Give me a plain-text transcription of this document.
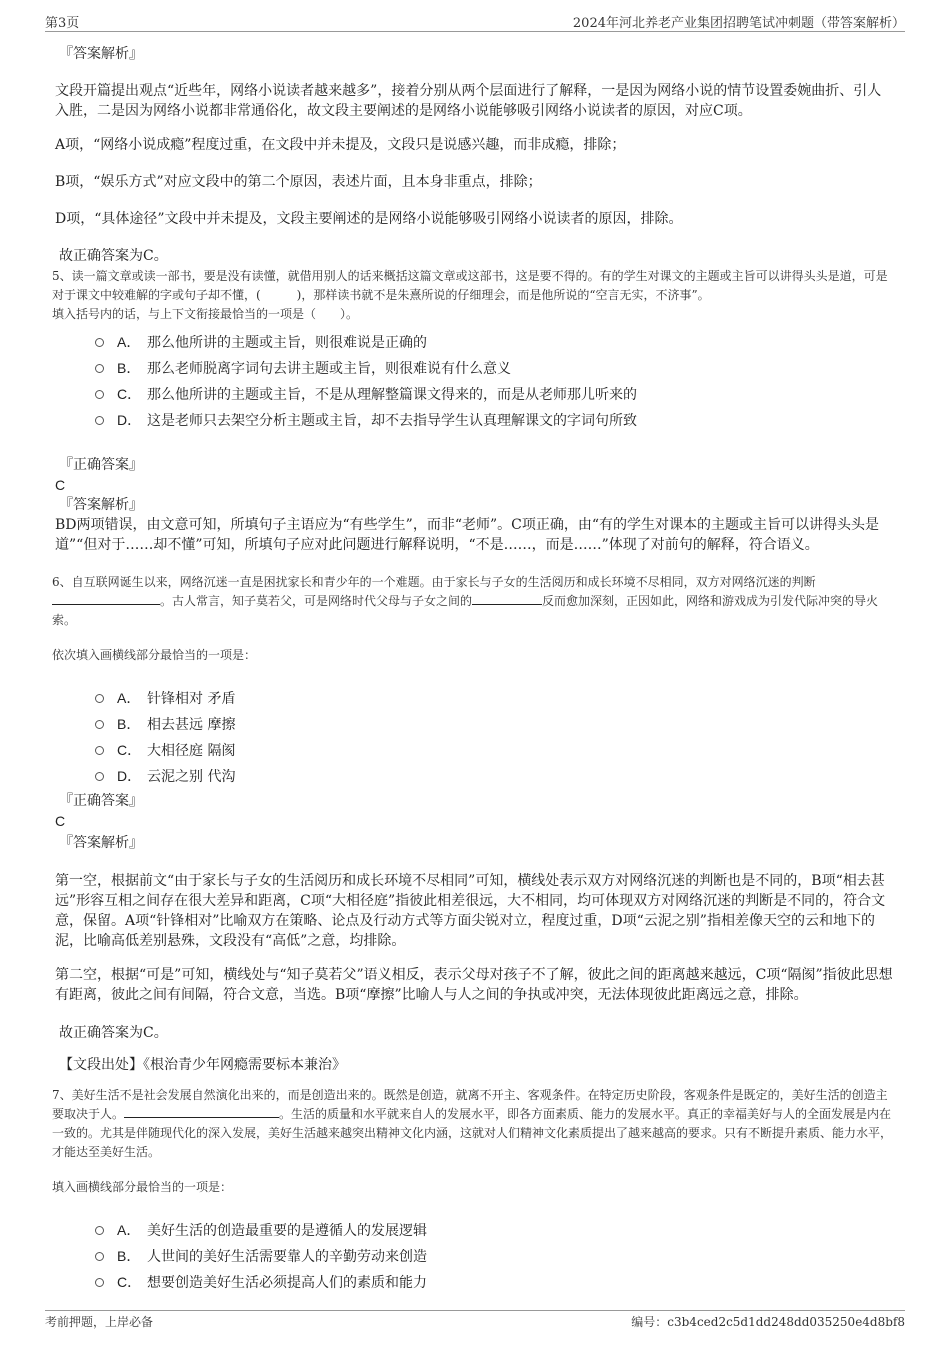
第3页	2024年河北养老产业集团招聘笔试冲刺题（带答案解析）

『答案解析』

文段开篇提出观点“近些年，网络小说读者越来越多”，接着分别从两个层面进行了解释，一是因为网络小说的情节设置委婉曲折、引人入胜，二是因为网络小说都非常通俗化，故文段主要阐述的是网络小说能够吸引网络小说读者的原因，对应C项。

A项，“网络小说成瘾”程度过重，在文段中并未提及，文段只是说感兴趣，而非成瘾，排除；

B项，“娱乐方式”对应文段中的第二个原因，表述片面，且本身非重点，排除；

D项，“具体途径”文段中并未提及，文段主要阐述的是网络小说能够吸引网络小说读者的原因，排除。

故正确答案为C。

5、读一篇文章或读一部书，要是没有读懂，就借用别人的话来概括这篇文章或这部书，这是要不得的。有的学生对课文的主题或主旨可以讲得头头是道，可是对于课文中较难解的字或句子却不懂，(　　　)，那样读书就不是朱熹所说的仔细理会，而是他所说的“空言无实，不济事”。

填入括号内的话，与上下文衔接最恰当的一项是（　　）。

A． 那么他所讲的主题或主旨，则很难说是正确的
B． 那么老师脱离字词句去讲主题或主旨，则很难说有什么意义
C． 那么他所讲的主题或主旨，不是从理解整篇课文得来的，而是从老师那儿听来的
D． 这是老师只去架空分析主题或主旨，却不去指导学生认真理解课文的字词句所致

『正确答案』

C

『答案解析』

BD两项错误，由文意可知，所填句子主语应为“有些学生”，而非“老师”。C项正确，由“有的学生对课本的主题或主旨可以讲得头头是道”“但对于……却不懂”可知，所填句子应对此问题进行解释说明，“不是……，而是……”体现了对前句的解释，符合语义。

6、自互联网诞生以来，网络沉迷一直是困扰家长和青少年的一个难题。由于家长与子女的生活阅历和成长环境不尽相同，双方对网络沉迷的判断。古人常言，知子莫若父，可是网络时代父母与子女之间的	反而愈加深刻，正因如此，网络和游戏成为引发代际冲突的导火索。

依次填入画横线部分最恰当的一项是：

A． 针锋相对 矛盾
B． 相去甚远 摩擦
C． 大相径庭 隔阂
D． 云泥之别 代沟

『正确答案』

C

『答案解析』

第一空，根据前文“由于家长与子女的生活阅历和成长环境不尽相同”可知，横线处表示双方对网络沉迷的判断也是不同的，B项“相去甚远”形容互相之间存在很大差异和距离，C项“大相径庭”指彼此相差很远，大不相同，均可体现双方对网络沉迷的判断是不同的，符合文意，保留。A项“针锋相对”比喻双方在策略、论点及行动方式等方面尖锐对立，程度过重，D项“云泥之别”指相差像天空的云和地下的泥，比喻高低差别悬殊，文段没有“高低”之意，均排除。

第二空，根据“可是”可知，横线处与“知子莫若父”语义相反，表示父母对孩子不了解，彼此之间的距离越来越远，C项“隔阂”指彼此思想有距离，彼此之间有间隔，符合文意，当选。B项“摩擦”比喻人与人之间的争执或冲突，无法体现彼此距离远之意，排除。

故正确答案为C。

【文段出处】《根治青少年网瘾需要标本兼治》

7、美好生活不是社会发展自然演化出来的，而是创造出来的。既然是创造，就离不开主、客观条件。在特定历史阶段，客观条件是既定的，美好生活的创造主要取决于人。	。生活的质量和水平就来自人的发展水平，即各方面素质、能力的发展水平。真正的幸福美好与人的全面发展是内在一致的。尤其是伴随现代化的深入发展，美好生活越来越突出精神文化内涵，这就对人们精神文化素质提出了越来越高的要求。只有不断提升素质、能力水平，才能达至美好生活。

填入画横线部分最恰当的一项是：

A． 美好生活的创造最重要的是遵循人的发展逻辑
B． 人世间的美好生活需要靠人的辛勤劳动来创造
C． 想要创造美好生活必须提高人们的素质和能力
考前押题，上岸必备	编号：c3b4ced2c5d1dd248dd035250e4d8bf8
